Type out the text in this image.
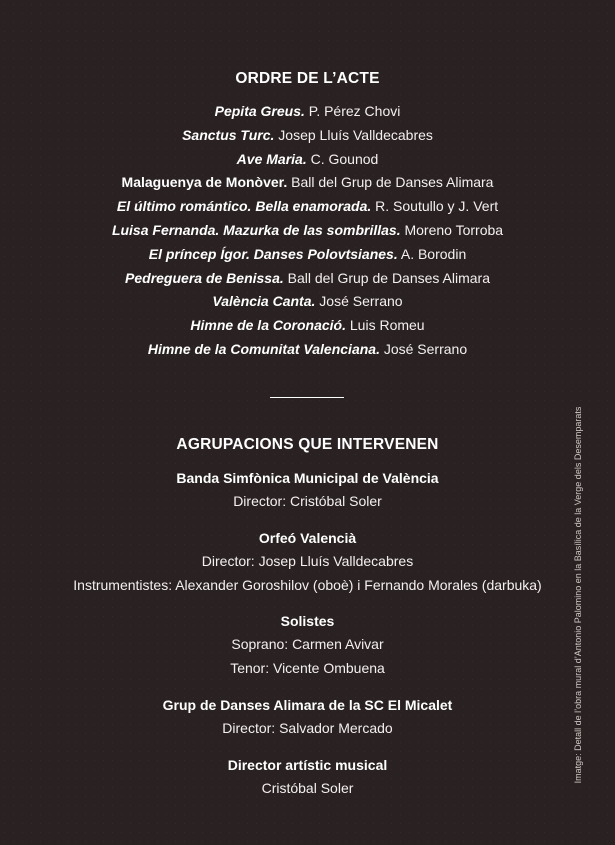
ORDRE DE L’ACTE
Pepita Greus. P. Pérez Chovi
Sanctus Turc. Josep Lluís Valldecabres
Ave Maria. C. Gounod
Malaguenya de Monòver. Ball del Grup de Danses Alimara
El último romántico. Bella enamorada. R. Soutullo y J. Vert
Luisa Fernanda. Mazurka de las sombrillas. Moreno Torroba
El príncep Ígor. Danses Polovtsianes. A. Borodin
Pedreguera de Benissa. Ball del Grup de Danses Alimara
València Canta. José Serrano
Himne de la Coronació. Luis Romeu
Himne de la Comunitat Valenciana. José Serrano
AGRUPACIONS QUE INTERVENEN
Banda Simfònica Municipal de València
Director: Cristóbal Soler
Orfeó Valencià
Director: Josep Lluís Valldecabres
Instrumentistes: Alexander Goroshilov (oboè) i Fernando Morales (darbuka)
Solistes
Soprano: Carmen Avivar
Tenor: Vicente Ombuena
Grup de Danses Alimara de la SC El Micalet
Director: Salvador Mercado
Director artístic musical
Cristóbal Soler
Imatge: Detall de l’obra mural d’Antonio Palomino en la Basílica de la Verge dels Desemparats
